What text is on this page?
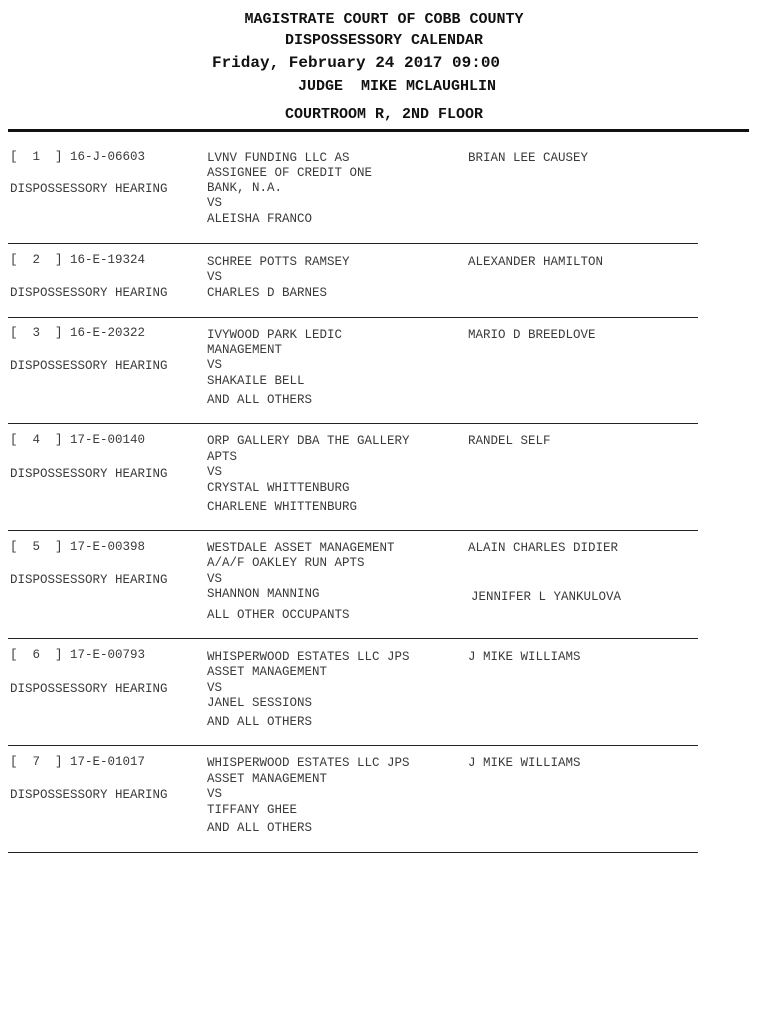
MAGISTRATE COURT OF COBB COUNTY
DISPOSSESSORY CALENDAR
Friday, February 24 2017 09:00
JUDGE  MIKE MCLAUGHLIN
COURTROOM R, 2ND FLOOR
[  1  ] 16-J-06603
DISPOSSESSORY HEARING
LVNV FUNDING LLC AS
ASSIGNEE OF CREDIT ONE
BANK, N.A.
VS
ALEISHA FRANCO
BRIAN LEE CAUSEY
[  2  ] 16-E-19324
DISPOSSESSORY HEARING
SCHREE POTTS RAMSEY
VS
CHARLES D BARNES
ALEXANDER HAMILTON
[  3  ] 16-E-20322
DISPOSSESSORY HEARING
IVYWOOD PARK LEDIC
MANAGEMENT
VS
SHAKAILE BELL
AND ALL OTHERS
MARIO D BREEDLOVE
[  4  ] 17-E-00140
DISPOSSESSORY HEARING
ORP GALLERY DBA THE GALLERY
APTS
VS
CRYSTAL WHITTENBURG
CHARLENE WHITTENBURG
RANDEL SELF
[  5  ] 17-E-00398
DISPOSSESSORY HEARING
WESTDALE ASSET MANAGEMENT
A/A/F OAKLEY RUN APTS
VS
SHANNON MANNING
ALL OTHER OCCUPANTS
ALAIN CHARLES DIDIER
JENNIFER L YANKULOVA
[  6  ] 17-E-00793
DISPOSSESSORY HEARING
WHISPERWOOD ESTATES LLC JPS
ASSET MANAGEMENT
VS
JANEL SESSIONS
AND ALL OTHERS
J MIKE WILLIAMS
[  7  ] 17-E-01017
DISPOSSESSORY HEARING
WHISPERWOOD ESTATES LLC JPS
ASSET MANAGEMENT
VS
TIFFANY GHEE
AND ALL OTHERS
J MIKE WILLIAMS
